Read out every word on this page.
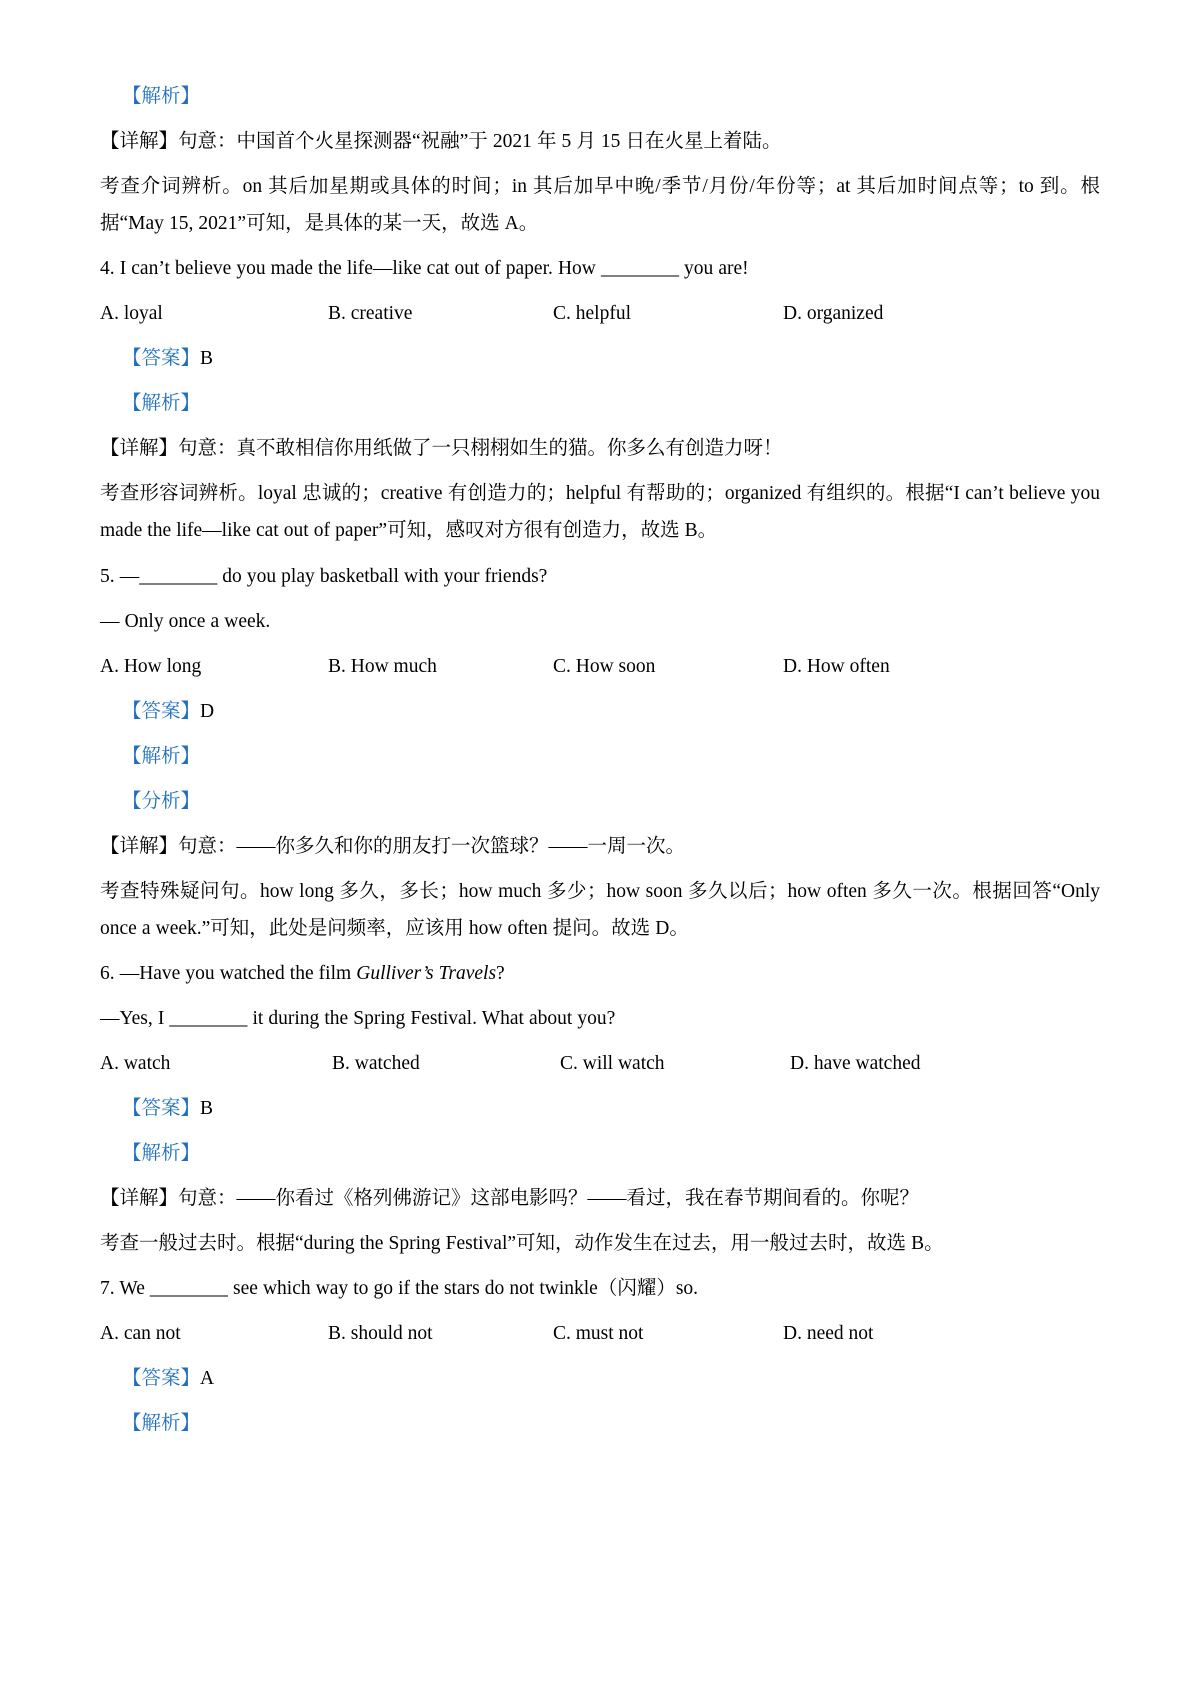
【解析】
【详解】句意：中国首个火星探测器“祝融”于 2021 年 5 月 15 日在火星上着陆。
考查介词辨析。on 其后加星期或具体的时间；in 其后加早中晚/季节/月份/年份等；at 其后加时间点等；to 到。根据“May 15, 2021”可知，是具体的某一天，故选 A。
4. I can’t believe you made the life—like cat out of paper. How ________ you are!
A. loyal	B. creative	C. helpful	D. organized
【答案】B
【解析】
【详解】句意：真不敢相信你用纸做了一只栩栩如生的猫。你多么有创造力呀！
考查形容词辨析。loyal 忠诚的；creative 有创造力的；helpful 有帮助的；organized 有组织的。根据“I can’t believe you made the life—like cat out of paper”可知，感叹对方很有创造力，故选 B。
5. —________ do you play basketball with your friends?
— Only once a week.
A. How long	B. How much	C. How soon	D. How often
【答案】D
【解析】
【分析】
【详解】句意：——你多久和你的朋友打一次篮球？——一周一次。
考查特殊疑问句。how long 多久，多长；how much 多少；how soon 多久以后；how often 多久一次。根据回答“Only once a week.”可知，此处是问频率，应该用 how often 提问。故选 D。
6. —Have you watched the film Gulliver’s Travels?
—Yes, I ________ it during the Spring Festival. What about you?
A. watch	B. watched	C. will watch	D. have watched
【答案】B
【解析】
【详解】句意：——你看过《格列佛游记》这部电影吗？——看过，我在春节期间看的。你呢？
考查一般过去时。根据“during the Spring Festival”可知，动作发生在过去，用一般过去时，故选 B。
7. We ________ see which way to go if the stars do not twinkle（闪耀）so.
A. can not	B. should not	C. must not	D. need not
【答案】A
【解析】
